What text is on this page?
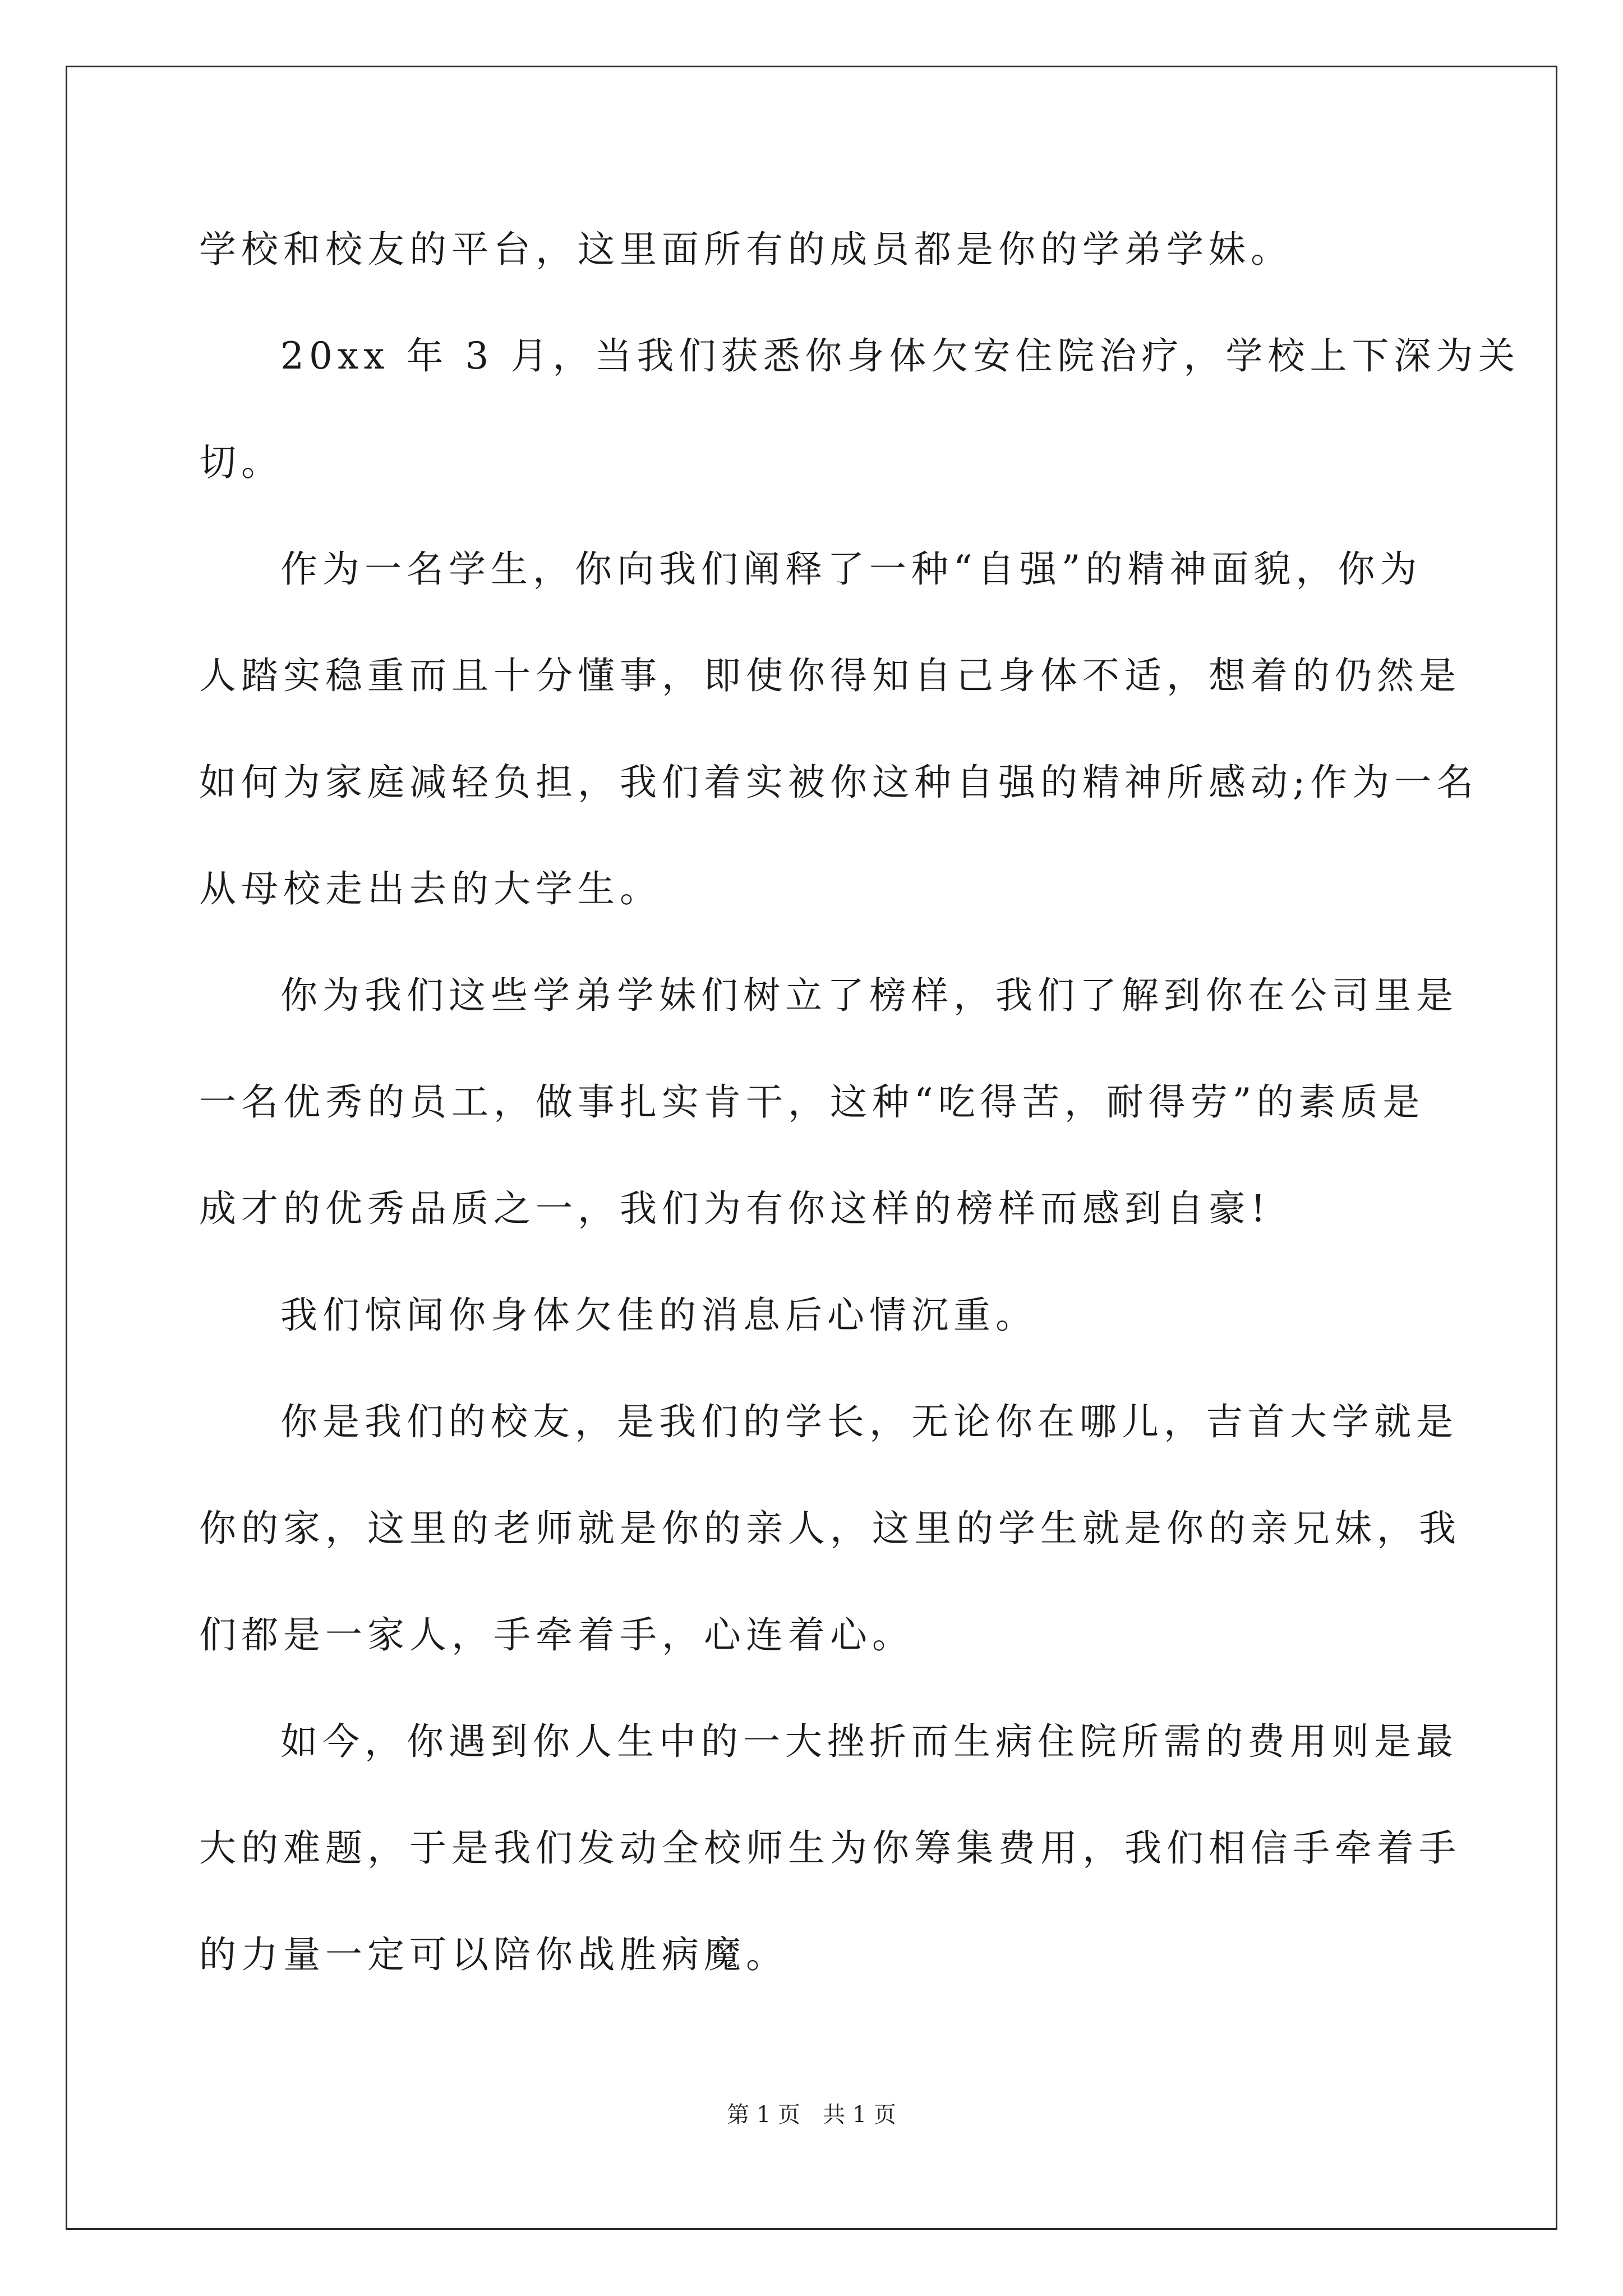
学校和校友的平台，这里面所有的成员都是你的学弟学妹。
20xx 年 3 月，当我们获悉你身体欠安住院治疗，学校上下深为关
切。
作为一名学生，你向我们阐释了一种“自强”的精神面貌，你为
人踏实稳重而且十分懂事，即使你得知自己身体不适，想着的仍然是
如何为家庭减轻负担，我们着实被你这种自强的精神所感动;作为一名
从母校走出去的大学生。
你为我们这些学弟学妹们树立了榜样，我们了解到你在公司里是
一名优秀的员工，做事扎实肯干，这种“吃得苦，耐得劳”的素质是
成才的优秀品质之一，我们为有你这样的榜样而感到自豪!
我们惊闻你身体欠佳的消息后心情沉重。
你是我们的校友，是我们的学长，无论你在哪儿，吉首大学就是
你的家，这里的老师就是你的亲人，这里的学生就是你的亲兄妹，我
们都是一家人，手牵着手，心连着心。
如今，你遇到你人生中的一大挫折而生病住院所需的费用则是最
大的难题，于是我们发动全校师生为你筹集费用，我们相信手牵着手
的力量一定可以陪你战胜病魔。
第 1 页 共 1 页
